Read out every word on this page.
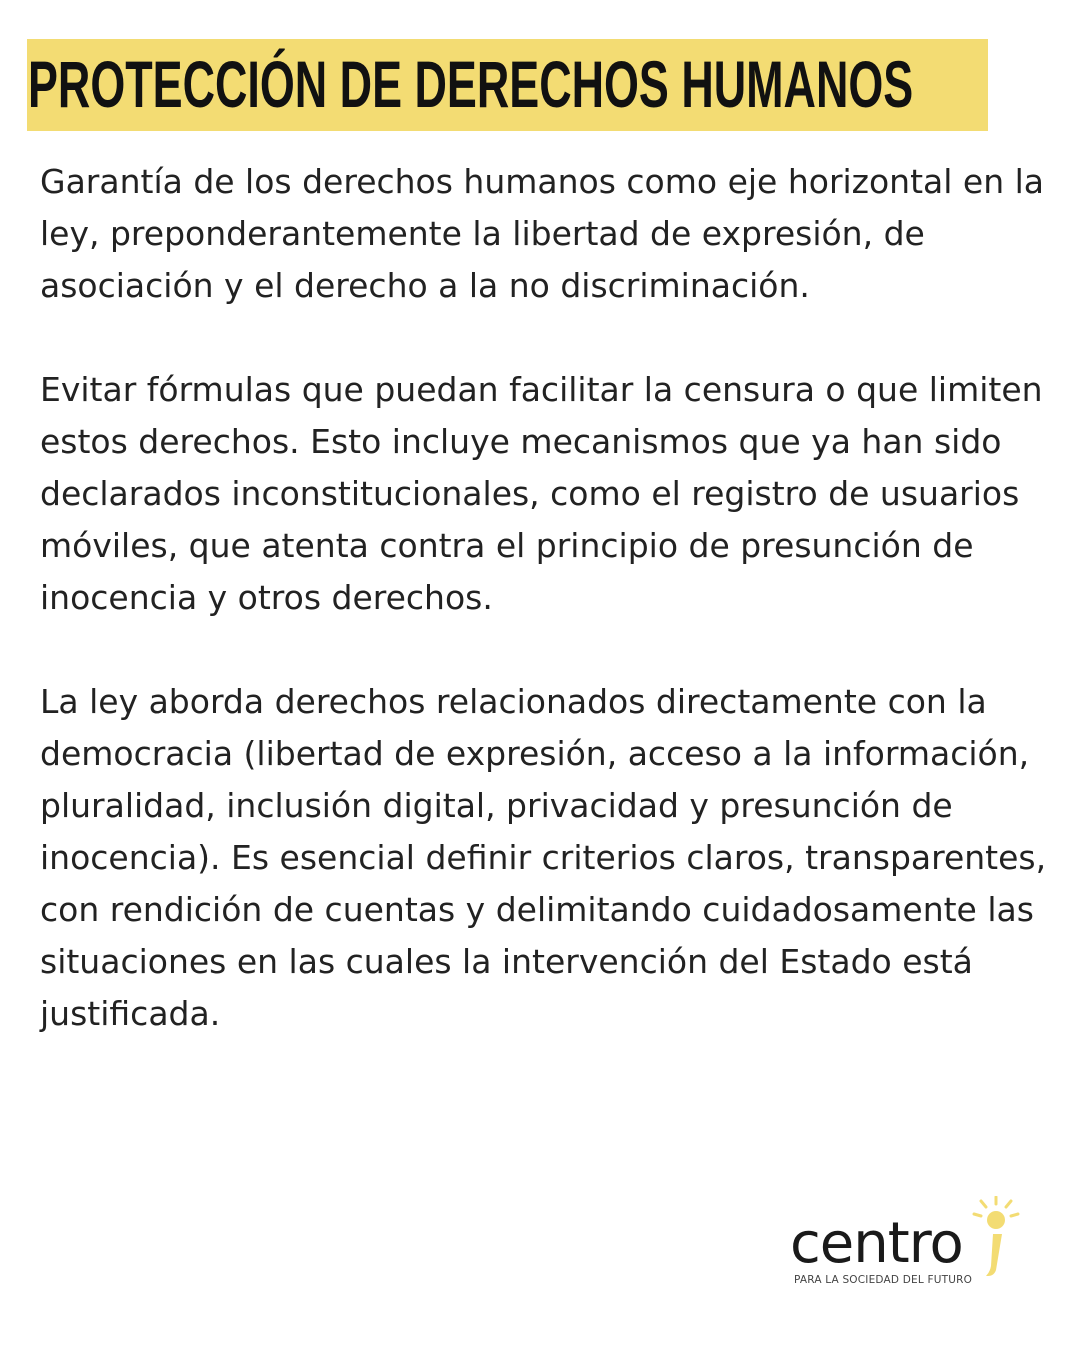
PROTECCIÓN DE DERECHOS HUMANOS

Garantía de los derechos humanos como eje horizontal en la ley, preponderantemente la libertad de expresión, de asociación y el derecho a la no discriminación.

Evitar fórmulas que puedan facilitar la censura o que limiten estos derechos. Esto incluye mecanismos que ya han sido declarados inconstitucionales, como el registro de usuarios móviles, que atenta contra el principio de presunción de inocencia y otros derechos.

La ley aborda derechos relacionados directamente con la democracia (libertad de expresión, acceso a la información, pluralidad, inclusión digital, privacidad y presunción de inocencia). Es esencial definir criterios claros, transparentes, con rendición de cuentas y delimitando cuidadosamente las situaciones en las cuales la intervención del Estado está justificada.

centro
PARA LA SOCIEDAD DEL FUTURO
